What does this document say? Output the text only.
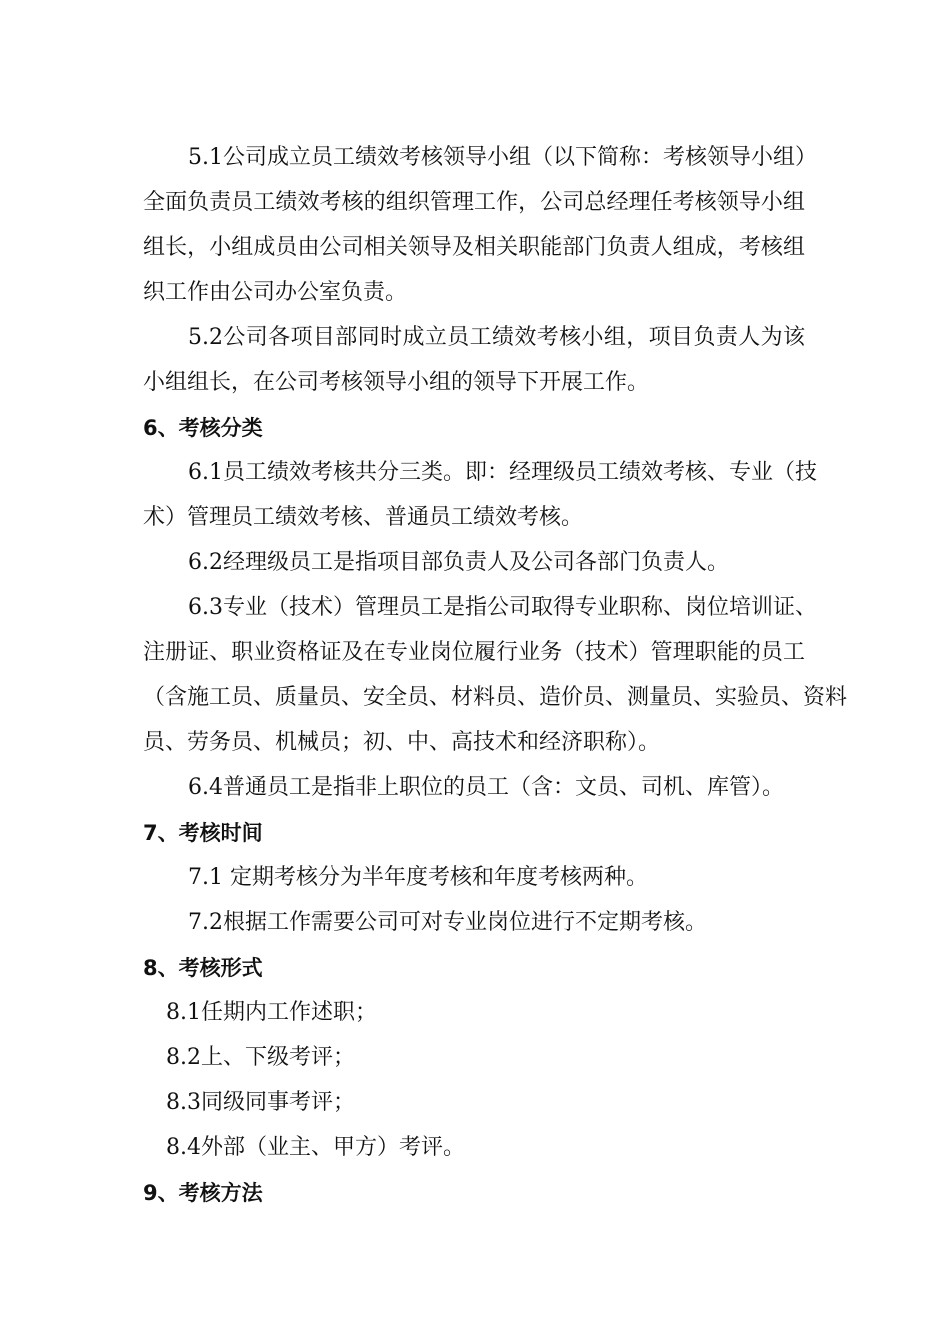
5.1公司成立员工绩效考核领导小组（以下简称：考核领导小组）
全面负责员工绩效考核的组织管理工作，公司总经理任考核领导小组
组长，小组成员由公司相关领导及相关职能部门负责人组成，考核组
织工作由公司办公室负责。
5.2公司各项目部同时成立员工绩效考核小组，项目负责人为该
小组组长，在公司考核领导小组的领导下开展工作。
6、考核分类
6.1员工绩效考核共分三类。即：经理级员工绩效考核、专业（技
术）管理员工绩效考核、普通员工绩效考核。
6.2经理级员工是指项目部负责人及公司各部门负责人。
6.3专业（技术）管理员工是指公司取得专业职称、岗位培训证、
注册证、职业资格证及在专业岗位履行业务（技术）管理职能的员工
（含施工员、质量员、安全员、材料员、造价员、测量员、实验员、资料
员、劳务员、机械员；初、中、高技术和经济职称）。
6.4普通员工是指非上职位的员工（含：文员、司机、库管）。
7、考核时间
7.1 定期考核分为半年度考核和年度考核两种。
7.2根据工作需要公司可对专业岗位进行不定期考核。
8、考核形式
8.1任期内工作述职；
8.2上、下级考评；
8.3同级同事考评；
8.4外部（业主、甲方）考评。
9、考核方法
